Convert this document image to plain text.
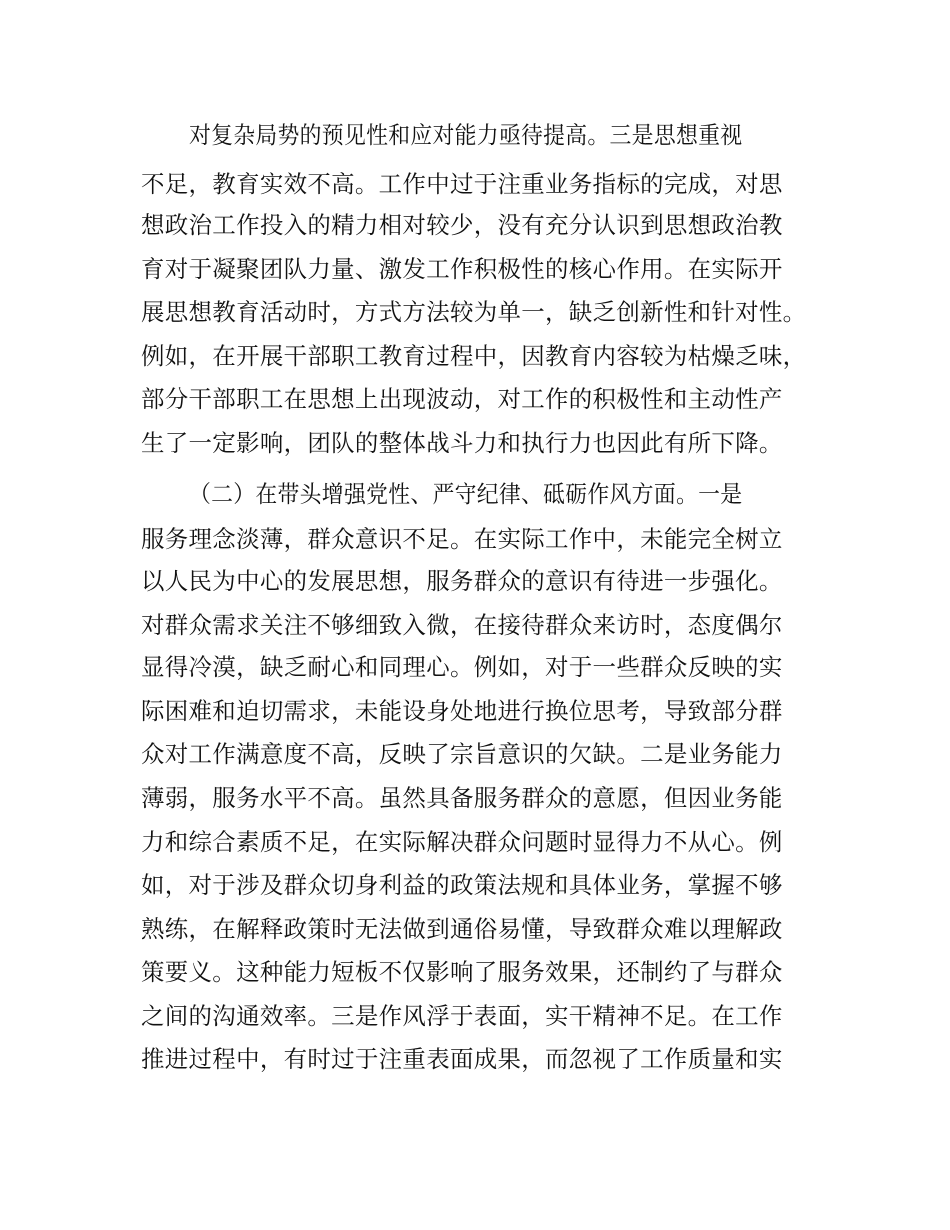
对复杂局势的预见性和应对能力亟待提高。三是思想重视
不足，教育实效不高。工作中过于注重业务指标的完成，对思
想政治工作投入的精力相对较少，没有充分认识到思想政治教
育对于凝聚团队力量、激发工作积极性的核心作用。在实际开
展思想教育活动时，方式方法较为单一，缺乏创新性和针对性。
例如，在开展干部职工教育过程中，因教育内容较为枯燥乏味，
部分干部职工在思想上出现波动，对工作的积极性和主动性产
生了一定影响，团队的整体战斗力和执行力也因此有所下降。
（二）在带头增强党性、严守纪律、砥砺作风方面。一是
服务理念淡薄，群众意识不足。在实际工作中，未能完全树立
以人民为中心的发展思想，服务群众的意识有待进一步强化。
对群众需求关注不够细致入微，在接待群众来访时，态度偶尔
显得冷漠，缺乏耐心和同理心。例如，对于一些群众反映的实
际困难和迫切需求，未能设身处地进行换位思考，导致部分群
众对工作满意度不高，反映了宗旨意识的欠缺。二是业务能力
薄弱，服务水平不高。虽然具备服务群众的意愿，但因业务能
力和综合素质不足，在实际解决群众问题时显得力不从心。例
如，对于涉及群众切身利益的政策法规和具体业务，掌握不够
熟练，在解释政策时无法做到通俗易懂，导致群众难以理解政
策要义。这种能力短板不仅影响了服务效果，还制约了与群众
之间的沟通效率。三是作风浮于表面，实干精神不足。在工作
推进过程中，有时过于注重表面成果，而忽视了工作质量和实
